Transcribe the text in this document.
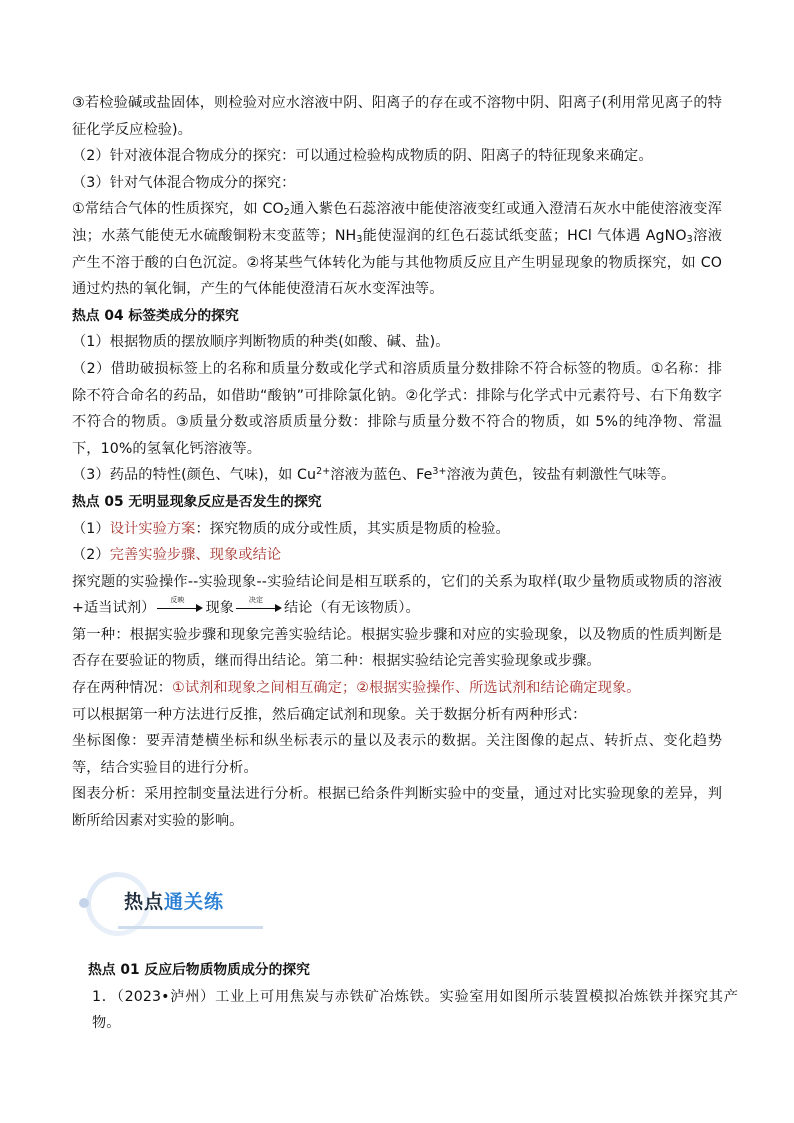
③若检验碱或盐固体，则检验对应水溶液中阴、阳离子的存在或不溶物中阴、阳离子(利用常见离子的特征化学反应检验)。

（2）针对液体混合物成分的探究：可以通过检验构成物质的阴、阳离子的特征现象来确定。

（3）针对气体混合物成分的探究：

①常结合气体的性质探究，如 $CO_2$通入紫色石蕊溶液中能使溶液变红或通入澄清石灰水中能使溶液变浑浊；水蒸气能使无水硫酸铜粉末变蓝等；$NH_3$能使湿润的红色石蕊试纸变蓝；HCl 气体遇 AgNO$_3$溶液产生不溶于酸的白色沉淀。②将某些气体转化为能与其他物质反应且产生明显现象的物质探究，如 CO 通过灼热的氧化铜，产生的气体能使澄清石灰水变浑浊等。

热点 04 标签类成分的探究

（1）根据物质的摆放顺序判断物质的种类(如酸、碱、盐)。

（2）借助破损标签上的名称和质量分数或化学式和溶质质量分数排除不符合标签的物质。①名称：排除不符合命名的药品，如借助“酸钠”可排除氯化钠。②化学式：排除与化学式中元素符号、右下角数字不符合的物质。③质量分数或溶质质量分数：排除与质量分数不符合的物质，如 5%的纯净物、常温下，10%的氢氧化钙溶液等。

（3）药品的特性(颜色、气味)，如 $Cu^{2+}$溶液为蓝色、$Fe^{3+}$溶液为黄色，铵盐有刺激性气味等。

热点 05 无明显现象反应是否发生的探究

（1）设计实验方案：探究物质的成分或性质，其实质是物质的检验。

（2）完善实验步骤、现象或结论

探究题的实验操作--实验现象--实验结论间是相互联系的，它们的关系为取样(取少量物质或物质的溶液+适当试剂）	反映	现象	决定	结论（有无该物质）。

第一种：根据实验步骤和现象完善实验结论。根据实验步骤和对应的实验现象，以及物质的性质判断是否存在要验证的物质，继而得出结论。第二种：根据实验结论完善实验现象或步骤。

存在两种情况：①试剂和现象之间相互确定；②根据实验操作、所选试剂和结论确定现象。

可以根据第一种方法进行反推，然后确定试剂和现象。关于数据分析有两种形式：

坐标图像：要弄清楚横坐标和纵坐标表示的量以及表示的数据。关注图像的起点、转折点、变化趋势等，结合实验目的进行分析。

图表分析：采用控制变量法进行分析。根据已给条件判断实验中的变量，通过对比实验现象的差异，判断所给因素对实验的影响。

热点通关练

热点 01 反应后物质物质成分的探究

1．（2023•泸州）工业上可用焦炭与赤铁矿冶炼铁。实验室用如图所示装置模拟冶炼铁并探究其产物。
